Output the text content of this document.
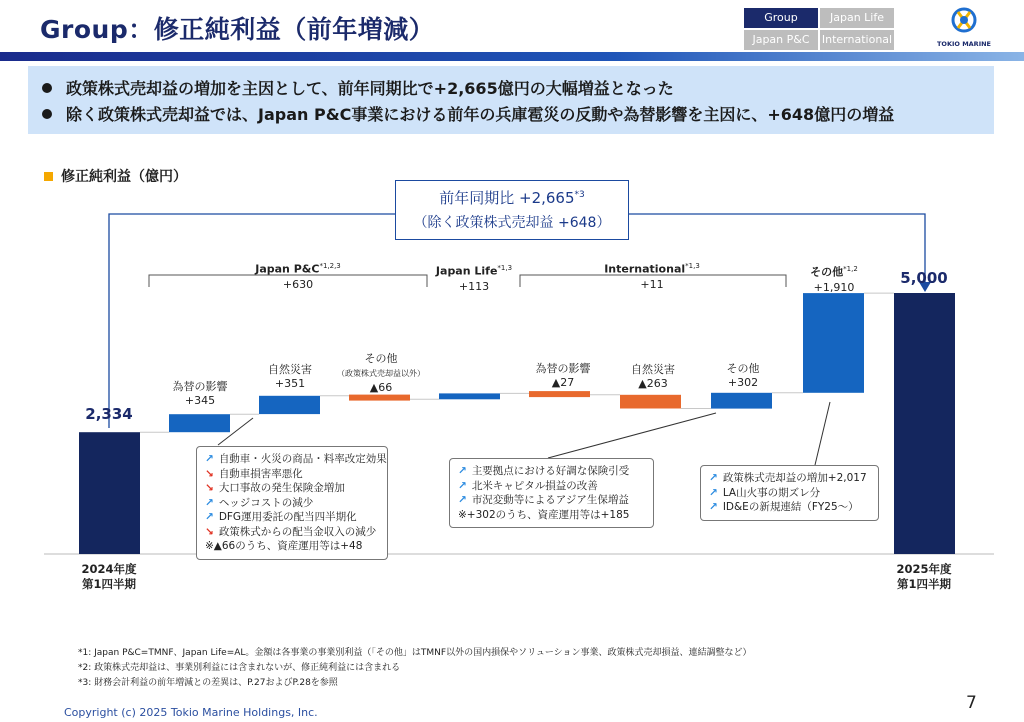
Group：修正純利益（前年増減）	Group	Japan Life
Japan P&C	International	TOKIO MARINE
政策株式売却益の増加を主因として、前年同期比で+2,665億円の大幅増益となった
除く政策株式売却益では、Japan P&C事業における前年の兵庫雹災の反動や為替影響を主因に、+648億円の増益
修正純利益（億円）
前年同期比 $+2,665^{*3}$
（除く政策株式売却益 +648）
Japan $P\&C^{*1,2,3}$
+630
Japan Life$^{*1,3}$
+113
International$^{*1,3}$
+11
その他$^{*1,2}$
+1,910
2,334
5,000
為替の影響
+345
自然災害
+351
その他
（政策株式売却益以外）
▲66
為替の影響
▲27
自然災害
▲263
その他
+302
↗ 自動車・火災の商品・料率改定効果
↘ 自動車損害率悪化
↘ 大口事故の発生保険金増加
↗ ヘッジコストの減少
↗ DFG運用委託の配当四半期化
↘ 政策株式からの配当金収入の減少
※▲66のうち、資産運用等は+48
↗ 主要拠点における好調な保険引受
↗ 北米キャピタル損益の改善
↗ 市況変動等によるアジア生保増益
※+302のうち、資産運用等は+185
↗ 政策株式売却益の増加+2,017
↗ LA山火事の期ズレ分
↗ ID&Eの新規連結（FY25～）
2024年度
第1四半期
2025年度
第1四半期
*1: Japan P&C=TMNF、Japan Life=AL。金額は各事業の事業別利益（「その他」はTMNF以外の国内損保やソリューション事業、政策株式売却損益、連結調整など）
*2: 政策株式売却益は、事業別利益には含まれないが、修正純利益には含まれる
*3: 財務会計利益の前年増減との差異は、P.27およびP.28を参照
Copyright (c) 2025 Tokio Marine Holdings, Inc.	7
